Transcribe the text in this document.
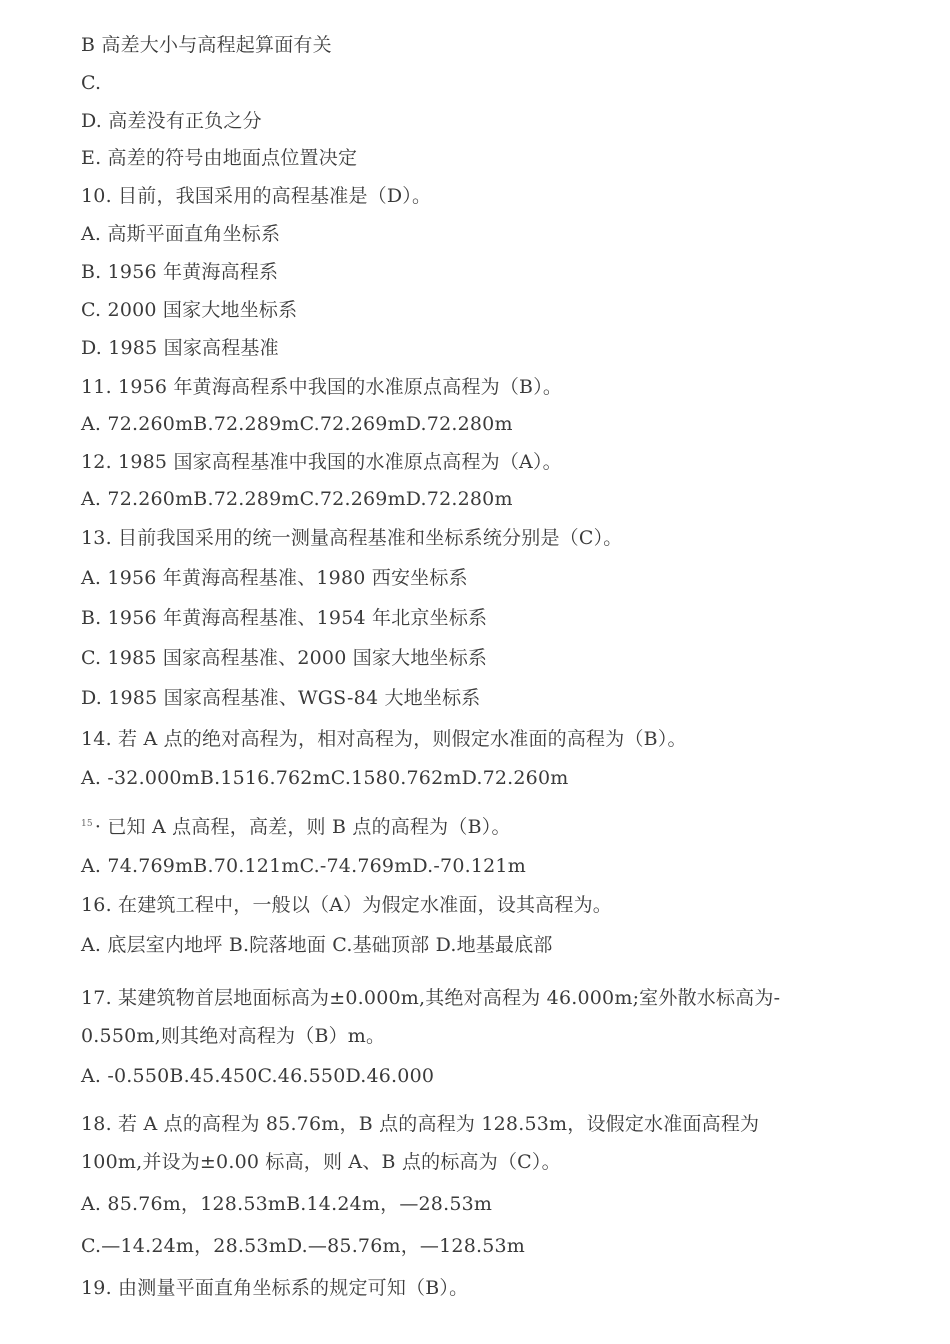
B 高差大小与高程起算面有关
C.
D. 高差没有正负之分
E. 高差的符号由地面点位置决定
10. 目前，我国采用的高程基准是（D）。
A. 高斯平面直角坐标系
B. 1956 年黄海高程系
C. 2000 国家大地坐标系
D. 1985 国家高程基准
11. 1956 年黄海高程系中我国的水准原点高程为（B）。
A. 72.260mB.72.289mC.72.269mD.72.280m
12. 1985 国家高程基准中我国的水准原点高程为（A）。
A. 72.260mB.72.289mC.72.269mD.72.280m
13. 目前我国采用的统一测量高程基准和坐标系统分别是（C）。
A. 1956 年黄海高程基准、1980 西安坐标系
B. 1956 年黄海高程基准、1954 年北京坐标系
C. 1985 国家高程基准、2000 国家大地坐标系
D. 1985 国家高程基准、WGS-84 大地坐标系
14. 若 A 点的绝对高程为，相对高程为，则假定水准面的高程为（B）。
A. -32.000mB.1516.762mC.1580.762mD.72.260m
$^{15}$ · 已知 A 点高程，高差，则 B 点的高程为（B）。
A. 74.769mB.70.121mC.-74.769mD.-70.121m
16. 在建筑工程中，一般以（A）为假定水准面，设其高程为。
A. 底层室内地坪 B.院落地面 C.基础顶部 D.地基最底部
17. 某建筑物首层地面标高为±0.000m,其绝对高程为 46.000m;室外散水标高为-
0.550m,则其绝对高程为（B）m。
A. -0.550B.45.450C.46.550D.46.000
18. 若 A 点的高程为 85.76m，B 点的高程为 128.53m，设假定水准面高程为
100m,并设为±0.00 标高，则 A、B 点的标高为（C）。
A. 85.76m，128.53mB.14.24m，—28.53m
C.—14.24m，28.53mD.—85.76m，—128.53m
19. 由测量平面直角坐标系的规定可知（B）。
